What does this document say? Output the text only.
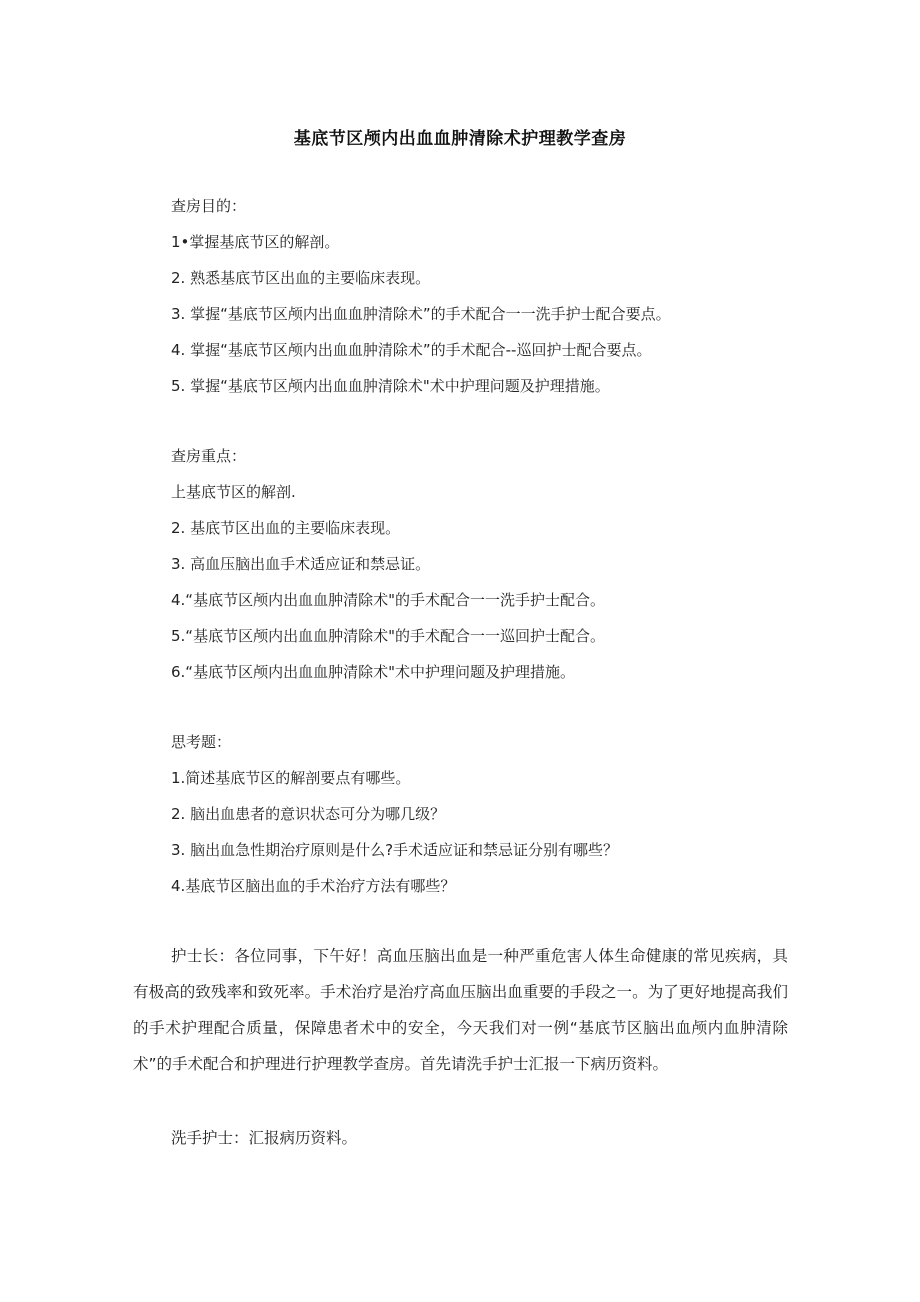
基底节区颅内出血血肿清除术护理教学查房
查房目的：
1•掌握基底节区的解剖。
2. 熟悉基底节区出血的主要临床表现。
3. 掌握“基底节区颅内出血血肿清除术”的手术配合一一洗手护士配合要点。
4. 掌握“基底节区颅内出血血肿清除术”的手术配合--巡回护士配合要点。
5. 掌握“基底节区颅内出血血肿清除术"术中护理问题及护理措施。
查房重点：
上基底节区的解剖.
2. 基底节区出血的主要临床表现。
3. 高血压脑出血手术适应证和禁忌证。
4.“基底节区颅内出血血肿清除术"的手术配合一一洗手护士配合。
5.“基底节区颅内出血血肿清除术"的手术配合一一巡回护士配合。
6.“基底节区颅内出血血肿清除术"术中护理问题及护理措施。
思考题：
1.简述基底节区的解剖要点有哪些。
2. 脑出血患者的意识状态可分为哪几级？
3. 脑出血急性期治疗原则是什么?手术适应证和禁忌证分别有哪些？
4.基底节区脑出血的手术治疗方法有哪些？

护士长：各位同事，下午好！高血压脑出血是一种严重危害人体生命健康的常见疾病，具有极高的致残率和致死率。手术治疗是治疗高血压脑出血重要的手段之一。为了更好地提高我们的手术护理配合质量，保障患者术中的安全，今天我们对一例“基底节区脑出血颅内血肿清除术”的手术配合和护理进行护理教学查房。首先请洗手护士汇报一下病历资料。

洗手护士：汇报病历资料。
